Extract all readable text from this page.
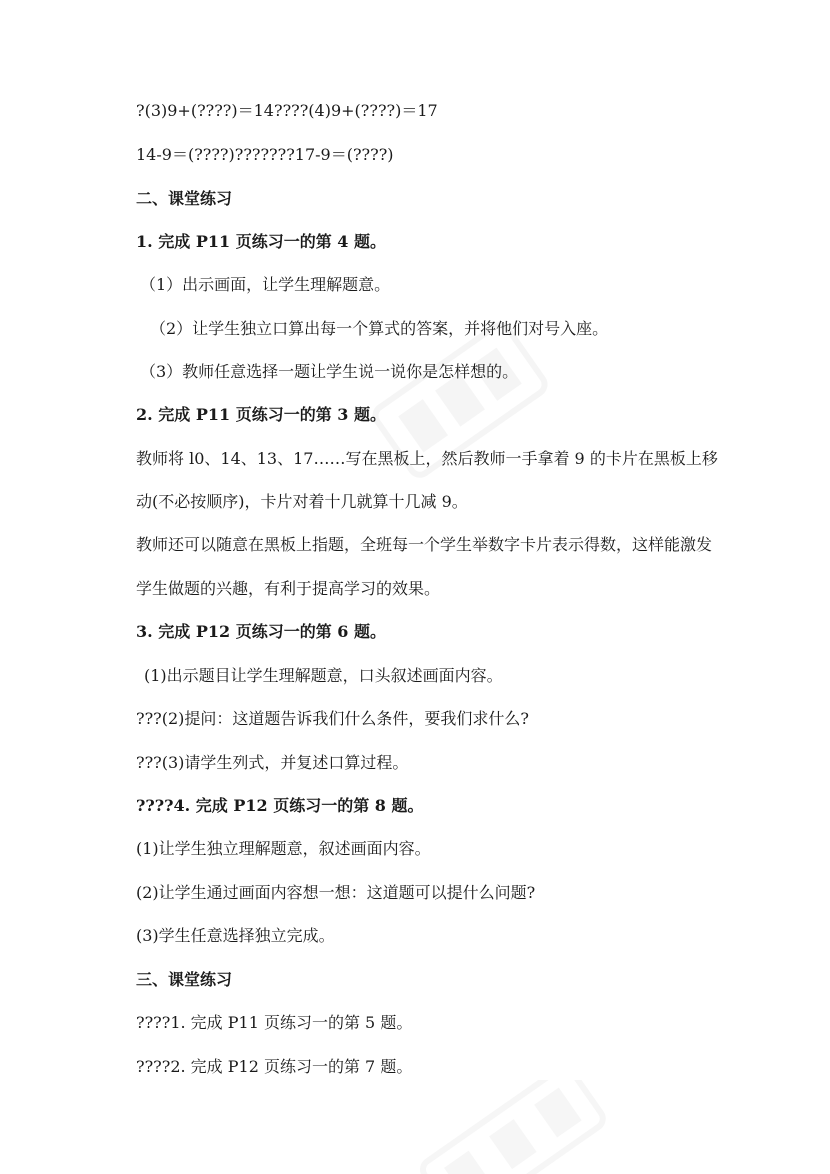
?(3)9+(????)＝14????(4)9+(????)＝17
14-9＝(????)???????17-9＝(????)
二、课堂练习
1. 完成 P11 页练习一的第 4 题。
（1）出示画面，让学生理解题意。
（2）让学生独立口算出每一个算式的答案，并将他们对号入座。
（3）教师任意选择一题让学生说一说你是怎样想的。
2. 完成 P11 页练习一的第 3 题。
教师将 l0、14、13、17……写在黑板上，然后教师一手拿着 9 的卡片在黑板上移
动(不必按顺序)，卡片对着十几就算十几减 9。
教师还可以随意在黑板上指题，全班每一个学生举数字卡片表示得数，这样能激发
学生做题的兴趣，有利于提高学习的效果。
3. 完成 P12 页练习一的第 6 题。
(1)出示题目让学生理解题意，口头叙述画面内容。
???(2)提问：这道题告诉我们什么条件，要我们求什么?
???(3)请学生列式，并复述口算过程。
????4. 完成 P12 页练习一的第 8 题。
(1)让学生独立理解题意，叙述画面内容。
(2)让学生通过画面内容想一想：这道题可以提什么问题?
(3)学生任意选择独立完成。
三、课堂练习
????1. 完成 P11 页练习一的第 5 题。
????2. 完成 P12 页练习一的第 7 题。
